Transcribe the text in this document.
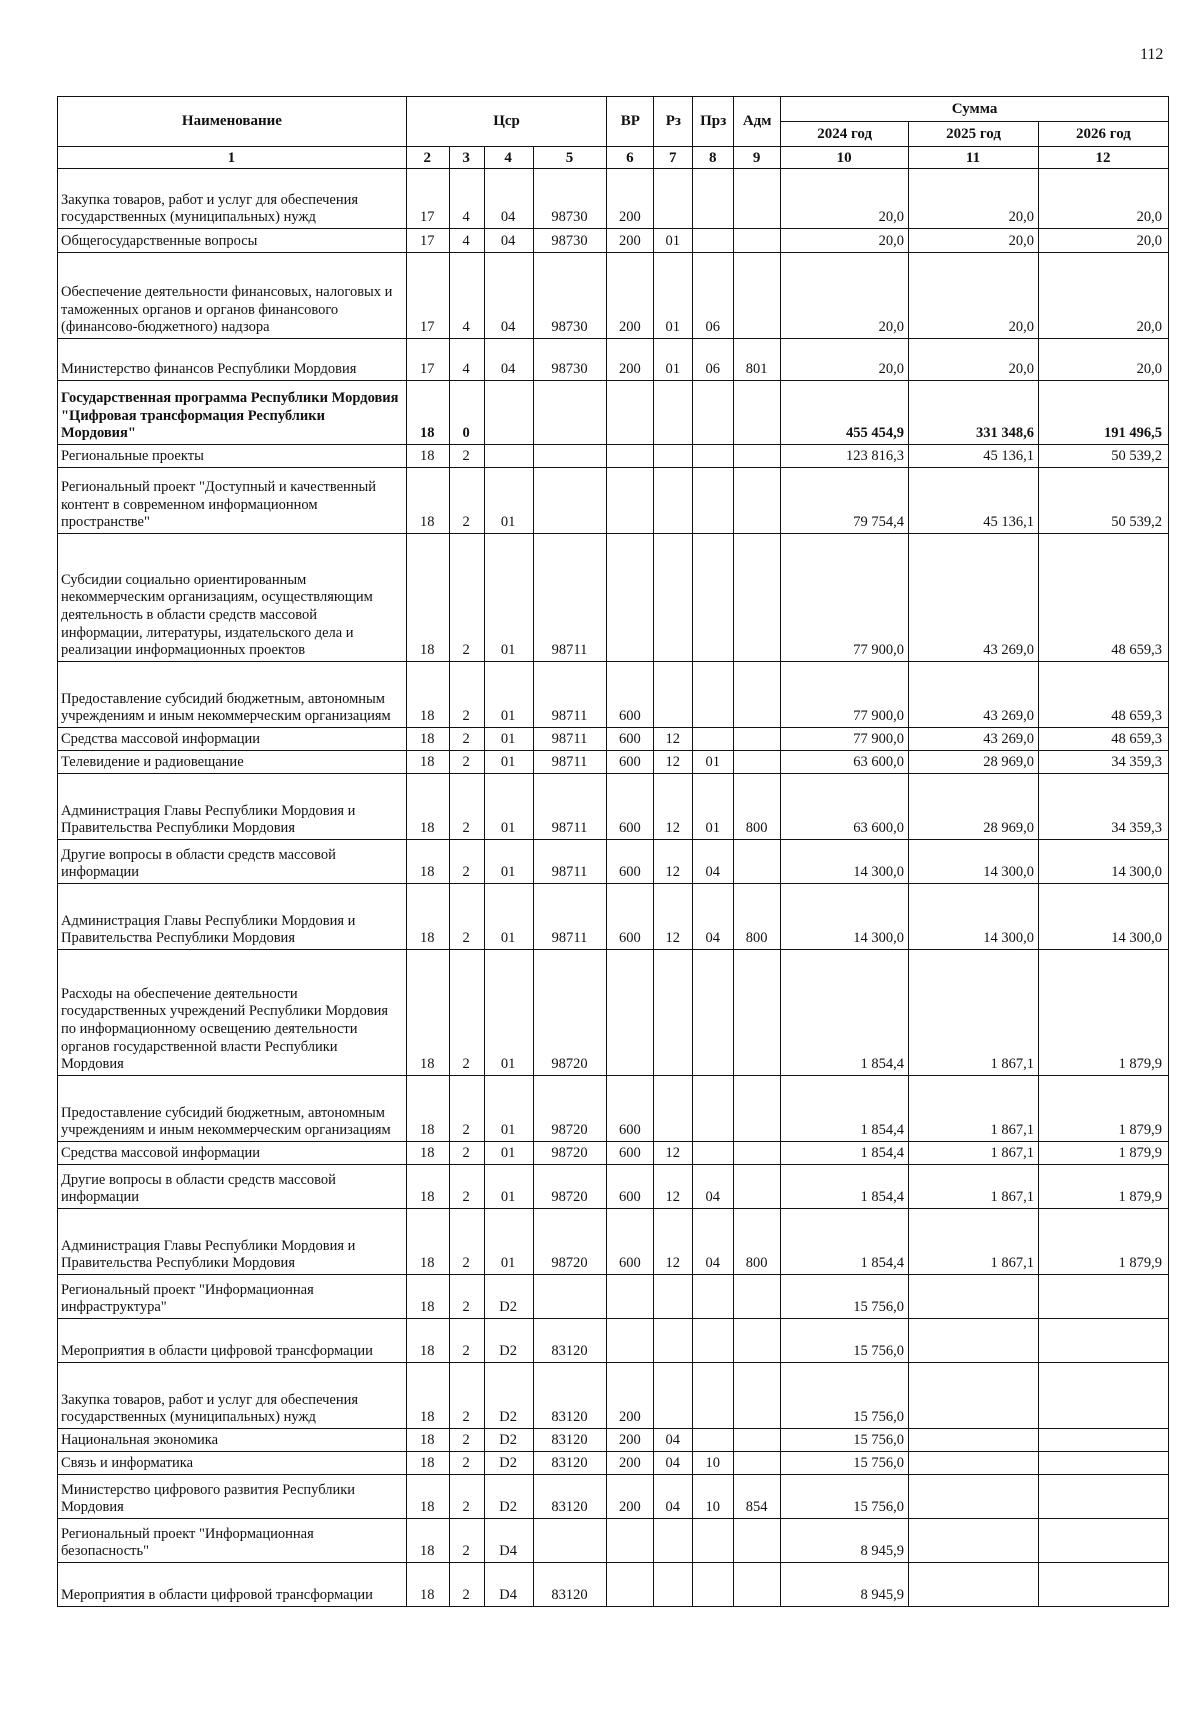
112
Наименование	Цср				ВР	Рз	Прз	Адм	Сумма		
									2024 год	2025 год	2026 год
1	2	3	4	5	6	7	8	9	10	11	12
Закупка товаров, работ и услуг для обеспечения государственных (муниципальных) нужд	17	4	04	98730	200				20,0	20,0	20,0
Общегосударственные вопросы	17	4	04	98730	200	01			20,0	20,0	20,0
Обеспечение деятельности финансовых, налоговых и таможенных органов и органов финансового (финансово-бюджетного) надзора	17	4	04	98730	200	01	06		20,0	20,0	20,0
Министерство финансов Республики Мордовия	17	4	04	98730	200	01	06	801	20,0	20,0	20,0
Государственная программа Республики Мордовия "Цифровая трансформация Республики Мордовия"	18	0							455 454,9	331 348,6	191 496,5
Региональные проекты	18	2							123 816,3	45 136,1	50 539,2
Региональный проект "Доступный и качественный контент в современном информационном пространстве"	18	2	01						79 754,4	45 136,1	50 539,2
Субсидии социально ориентированным некоммерческим организациям, осуществляющим деятельность в области средств массовой информации, литературы, издательского дела и реализации информационных проектов	18	2	01	98711					77 900,0	43 269,0	48 659,3
Предоставление субсидий бюджетным, автономным учреждениям и иным некоммерческим организациям	18	2	01	98711	600				77 900,0	43 269,0	48 659,3
Средства массовой информации	18	2	01	98711	600	12			77 900,0	43 269,0	48 659,3
Телевидение и радиовещание	18	2	01	98711	600	12	01		63 600,0	28 969,0	34 359,3
Администрация Главы Республики Мордовия и Правительства Республики Мордовия	18	2	01	98711	600	12	01	800	63 600,0	28 969,0	34 359,3
Другие вопросы в области средств массовой информации	18	2	01	98711	600	12	04		14 300,0	14 300,0	14 300,0
Администрация Главы Республики Мордовия и Правительства Республики Мордовия	18	2	01	98711	600	12	04	800	14 300,0	14 300,0	14 300,0
Расходы на обеспечение деятельности государственных учреждений Республики Мордовия по информационному освещению деятельности органов государственной власти Республики Мордовия	18	2	01	98720					1 854,4	1 867,1	1 879,9
Предоставление субсидий бюджетным, автономным учреждениям и иным некоммерческим организациям	18	2	01	98720	600				1 854,4	1 867,1	1 879,9
Средства массовой информации	18	2	01	98720	600	12			1 854,4	1 867,1	1 879,9
Другие вопросы в области средств массовой информации	18	2	01	98720	600	12	04		1 854,4	1 867,1	1 879,9
Администрация Главы Республики Мордовия и Правительства Республики Мордовия	18	2	01	98720	600	12	04	800	1 854,4	1 867,1	1 879,9
Региональный проект "Информационная инфраструктура"	18	2	D2						15 756,0		
Мероприятия в области цифровой трансформации	18	2	D2	83120					15 756,0		
Закупка товаров, работ и услуг для обеспечения государственных (муниципальных) нужд	18	2	D2	83120	200				15 756,0		
Национальная экономика	18	2	D2	83120	200	04			15 756,0		
Связь и информатика	18	2	D2	83120	200	04	10		15 756,0		
Министерство цифрового развития Республики Мордовия	18	2	D2	83120	200	04	10	854	15 756,0		
Региональный проект "Информационная безопасность"	18	2	D4						8 945,9		
Мероприятия в области цифровой трансформации	18	2	D4	83120					8 945,9		
